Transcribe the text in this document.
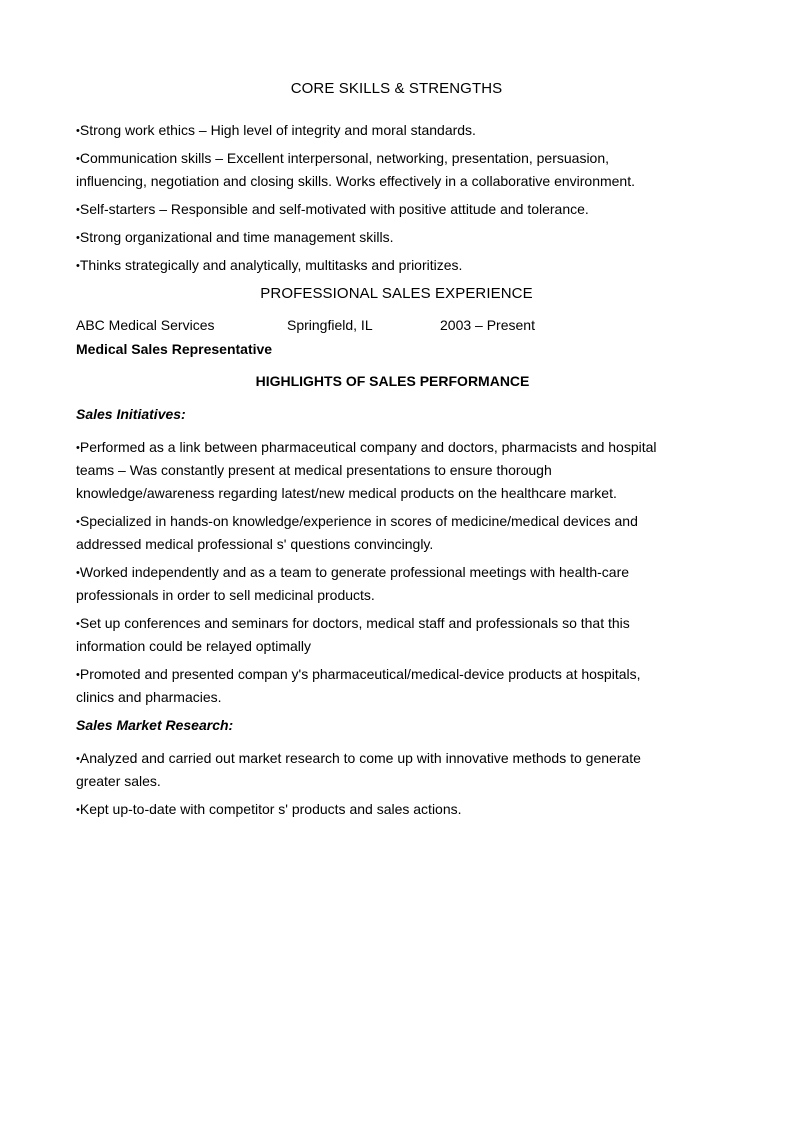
CORE SKILLS & STRENGTHS
•Strong work ethics – High level of integrity and moral standards.
•Communication skills – Excellent interpersonal, networking, presentation, persuasion,
influencing, negotiation and closing skills. Works effectively in a collaborative environment.
•Self-starters – Responsible and self-motivated with positive attitude and tolerance.
•Strong organizational and time management skills.
•Thinks strategically and analytically, multitasks and prioritizes.
PROFESSIONAL SALES EXPERIENCE
ABC Medical Services	Springfield, IL	2003 – Present
Medical Sales Representative
HIGHLIGHTS OF SALES PERFORMANCE
Sales Initiatives:
•Performed as a link between pharmaceutical company and doctors, pharmacists and hospital
teams – Was constantly present at medical presentations to ensure thorough
knowledge/awareness regarding latest/new medical products on the healthcare market.
•Specialized in hands-on knowledge/experience in scores of medicine/medical devices and
addressed medical professional s' questions convincingly.
•Worked independently and as a team to generate professional meetings with health-care
professionals in order to sell medicinal products.
•Set up conferences and seminars for doctors, medical staff and professionals so that this
information could be relayed optimally
•Promoted and presented compan y's pharmaceutical/medical-device products at hospitals,
clinics and pharmacies.
Sales Market Research:
•Analyzed and carried out market research to come up with innovative methods to generate
greater sales.
•Kept up-to-date with competitor s' products and sales actions.
